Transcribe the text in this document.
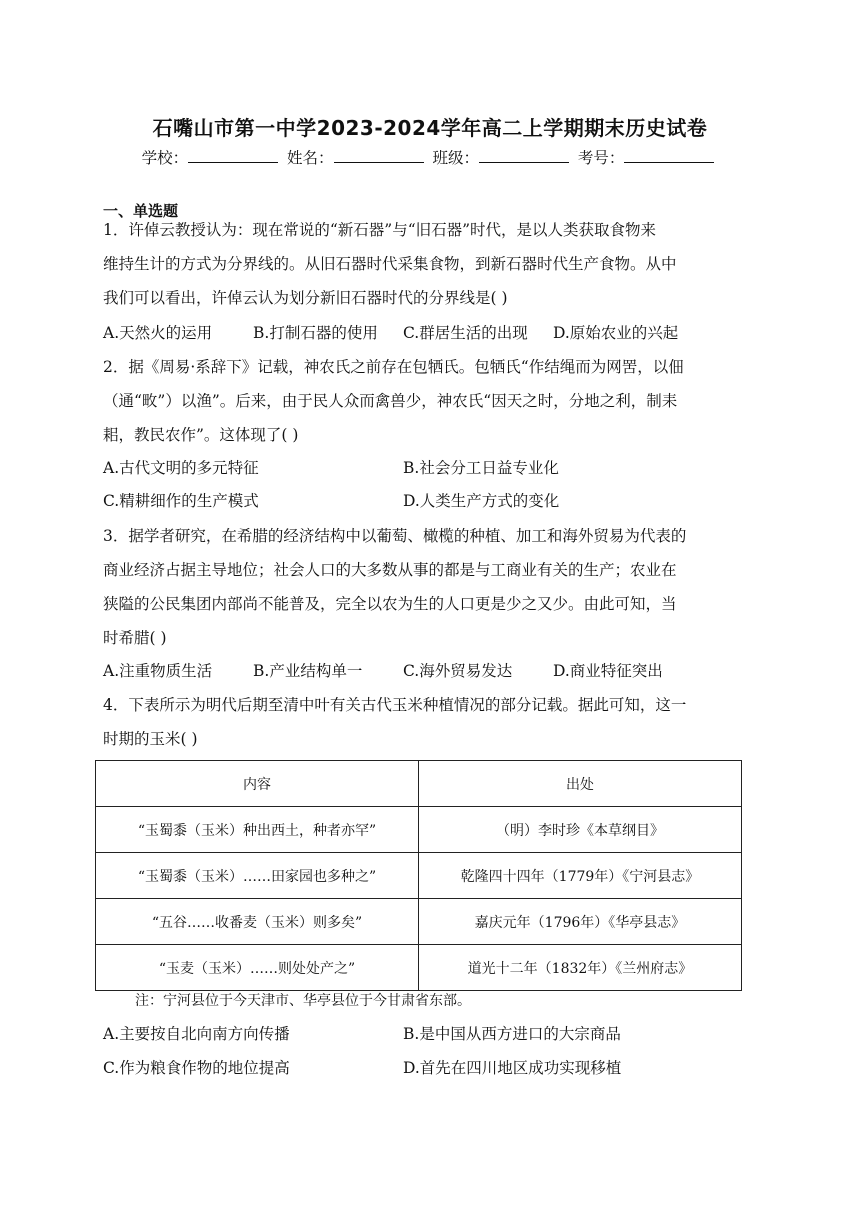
石嘴山市第一中学2023-2024学年高二上学期期末历史试卷
学校：	姓名：	班级：	考号：
一、单选题
1．许倬云教授认为：现在常说的“新石器”与“旧石器”时代，是以人类获取食物来
维持生计的方式为分界线的。从旧石器时代采集食物，到新石器时代生产食物。从中
我们可以看出，许倬云认为划分新旧石器时代的分界线是( )
A.天然火的运用	B.打制石器的使用 C.群居生活的出现 D.原始农业的兴起
2．据《周易·系辞下》记载，神农氏之前存在包牺氏。包牺氏“作结绳而为网罟，以佃
（通“畋”）以渔”。后来，由于民人众而禽兽少，神农氏“因天之时，分地之利，制耒
耜，教民农作”。这体现了( )
A.古代文明的多元特征	B.社会分工日益专业化
C.精耕细作的生产模式	D.人类生产方式的变化
3．据学者研究，在希腊的经济结构中以葡萄、橄榄的种植、加工和海外贸易为代表的
商业经济占据主导地位；社会人口的大多数从事的都是与工商业有关的生产；农业在
狭隘的公民集团内部尚不能普及，完全以农为生的人口更是少之又少。由此可知，当
时希腊( )
A.注重物质生活	B.产业结构单一	C.海外贸易发达	D.商业特征突出
4．下表所示为明代后期至清中叶有关古代玉米种植情况的部分记载。据此可知，这一
时期的玉米( )
内容	出处
“玉蜀黍（玉米）种出西土，种者亦罕”	（明）李时珍《本草纲目》
“玉蜀黍（玉米）……田家园也多种之”	乾隆四十四年（1779年）《宁河县志》
“五谷……收番麦（玉米）则多矣”	嘉庆元年（1796年）《华亭县志》
“玉麦（玉米）……则处处产之”	道光十二年（1832年）《兰州府志》
注：宁河县位于今天津市、华亭县位于今甘肃省东部。
A.主要按自北向南方向传播	B.是中国从西方进口的大宗商品
C.作为粮食作物的地位提高	D.首先在四川地区成功实现移植
